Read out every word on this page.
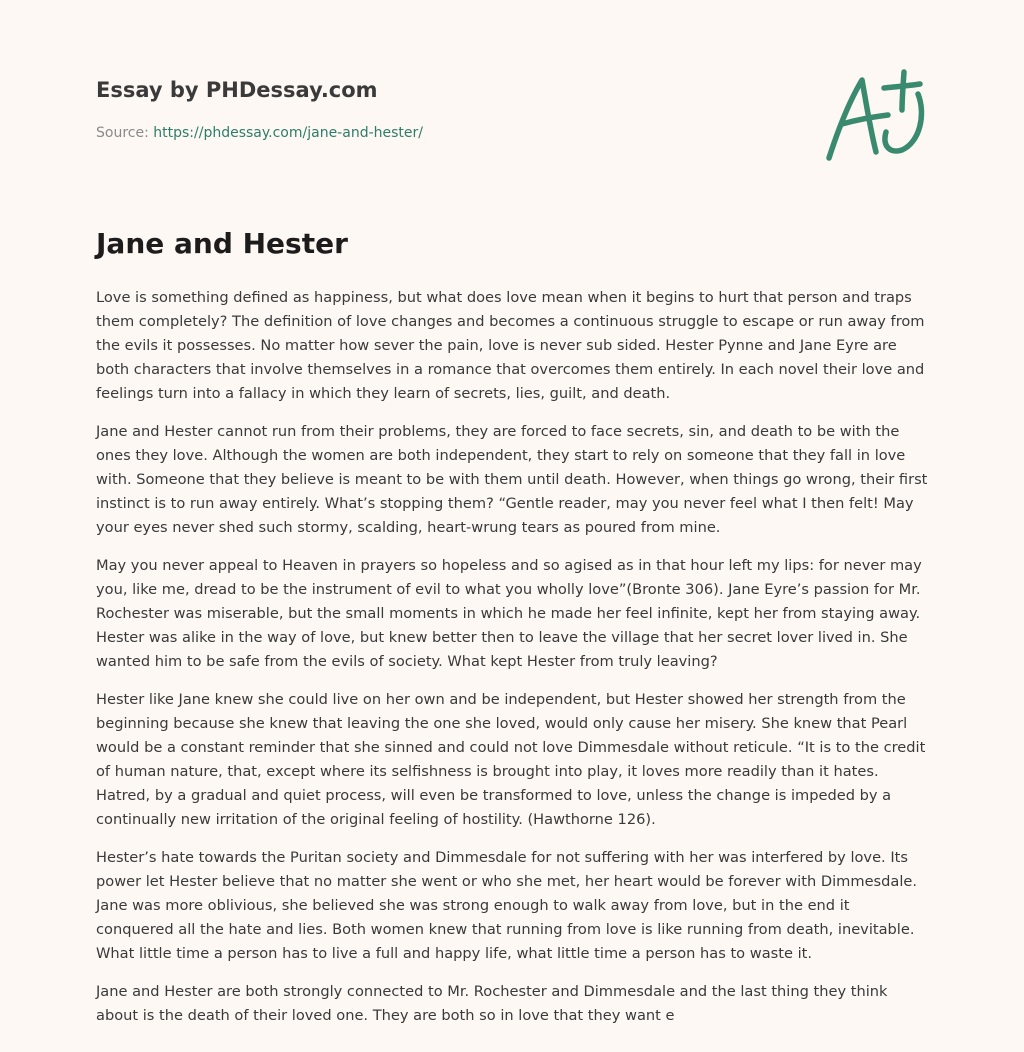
Essay by PHDessay.com
Source: https://phdessay.com/jane-and-hester/
Jane and Hester

Love is something defined as happiness, but what does love mean when it begins to hurt that person and traps them completely? The definition of love changes and becomes a continuous struggle to escape or run away from the evils it possesses. No matter how sever the pain, love is never sub sided. Hester Pynne and Jane Eyre are both characters that involve themselves in a romance that overcomes them entirely. In each novel their love and feelings turn into a fallacy in which they learn of secrets, lies, guilt, and death.

Jane and Hester cannot run from their problems, they are forced to face secrets, sin, and death to be with the ones they love. Although the women are both independent, they start to rely on someone that they fall in love with. Someone that they believe is meant to be with them until death. However, when things go wrong, their first instinct is to run away entirely. What’s stopping them? “Gentle reader, may you never feel what I then felt! May your eyes never shed such stormy, scalding, heart-wrung tears as poured from mine.

May you never appeal to Heaven in prayers so hopeless and so agised as in that hour left my lips: for never may you, like me, dread to be the instrument of evil to what you wholly love”(Bronte 306). Jane Eyre’s passion for Mr. Rochester was miserable, but the small moments in which he made her feel infinite, kept her from staying away. Hester was alike in the way of love, but knew better then to leave the village that her secret lover lived in. She wanted him to be safe from the evils of society. What kept Hester from truly leaving?

Hester like Jane knew she could live on her own and be independent, but Hester showed her strength from the beginning because she knew that leaving the one she loved, would only cause her misery. She knew that Pearl would be a constant reminder that she sinned and could not love Dimmesdale without reticule. “It is to the credit of human nature, that, except where its selfishness is brought into play, it loves more readily than it hates. Hatred, by a gradual and quiet process, will even be transformed to love, unless the change is impeded by a continually new irritation of the original feeling of hostility. (Hawthorne 126).

Hester’s hate towards the Puritan society and Dimmesdale for not suffering with her was interfered by love. Its power let Hester believe that no matter she went or who she met, her heart would be forever with Dimmesdale. Jane was more oblivious, she believed she was strong enough to walk away from love, but in the end it conquered all the hate and lies. Both women knew that running from love is like running from death, inevitable. What little time a person has to live a full and happy life, what little time a person has to waste it.

Jane and Hester are both strongly connected to Mr. Rochester and Dimmesdale and the last thing they think about is the death of their loved one. They are both so in love that they want e
